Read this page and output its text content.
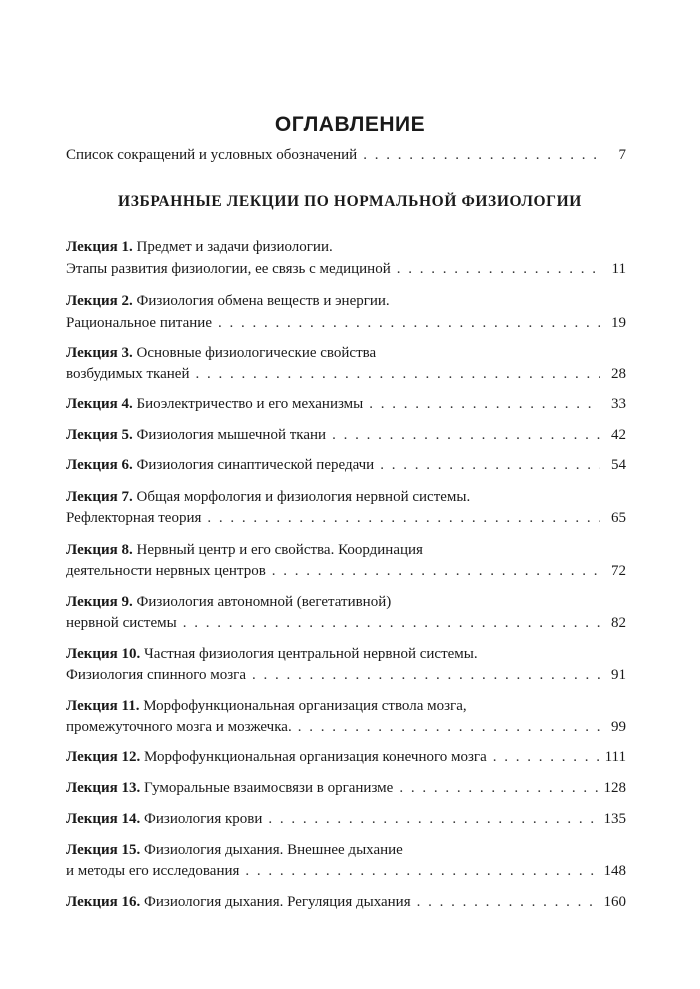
ОГЛАВЛЕНИЕ
Список сокращений и условных обозначений . . .	7
ИЗБРАННЫЕ ЛЕКЦИИ ПО НОРМАЛЬНОЙ ФИЗИОЛОГИИ
Лекция 1. Предмет и задачи физиологии.
Этапы развития физиологии, ее связь с медициной . . .	11
Лекция 2. Физиология обмена веществ и энергии.
Рациональное питание . . .	19
Лекция 3. Основные физиологические свойства
возбудимых тканей . . .	28
Лекция 4. Биоэлектричество и его механизмы . . .	33
Лекция 5. Физиология мышечной ткани . . .	42
Лекция 6. Физиология синаптической передачи . . .	54
Лекция 7. Общая морфология и физиология нервной системы.
Рефлекторная теория . . .	65
Лекция 8. Нервный центр и его свойства. Координация
деятельности нервных центров . . .	72
Лекция 9. Физиология автономной (вегетативной)
нервной системы . . .	82
Лекция 10. Частная физиология центральной нервной системы.
Физиология спинного мозга . . .	91
Лекция 11. Морфофункциональная организация ствола мозга,
промежуточного мозга и мозжечка. . . .	99
Лекция 12. Морфофункциональная организация конечного мозга . . .	111
Лекция 13. Гуморальные взаимосвязи в организме . . .	128
Лекция 14. Физиология крови . . .	135
Лекция 15. Физиология дыхания. Внешнее дыхание
и методы его исследования . . .	148
Лекция 16. Физиология дыхания. Регуляция дыхания . . .	160
